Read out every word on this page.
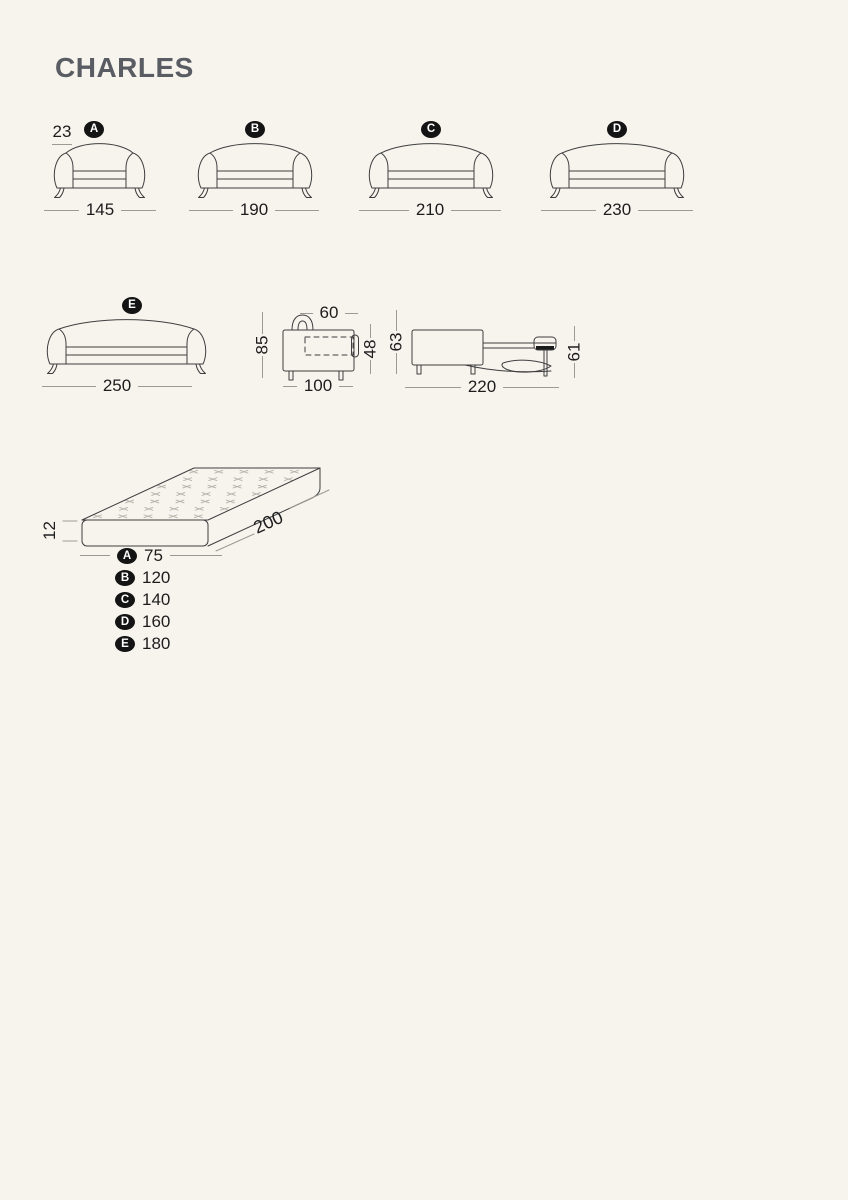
CHARLES
23	A	B	C	D
E
145	190	210	230
250
60
85	48
100
63
220
61
12	200
A 75
B 120
C 140
D 160
E 180
